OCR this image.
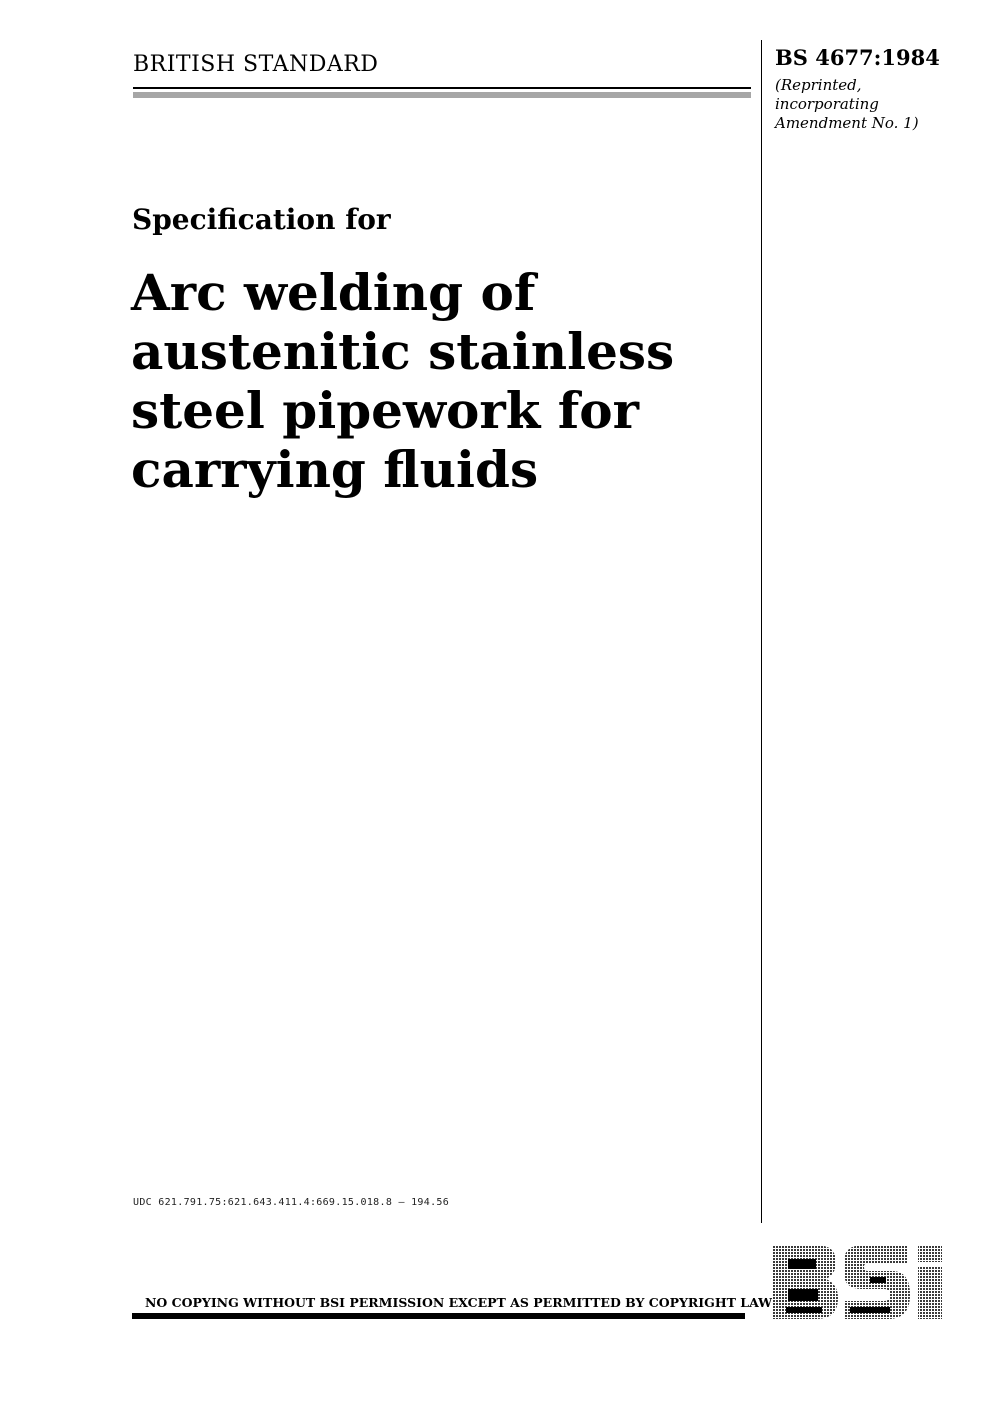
BRITISH STANDARD	BS 4677:1984
(Reprinted,
incorporating
Amendment No. 1)
Specification for
Arc welding of
austenitic stainless
steel pipework for
carrying fluids
UDC 621.791.75:621.643.411.4:669.15.018.8 – 194.56
NO COPYING WITHOUT BSI PERMISSION EXCEPT AS PERMITTED BY COPYRIGHT LAW
